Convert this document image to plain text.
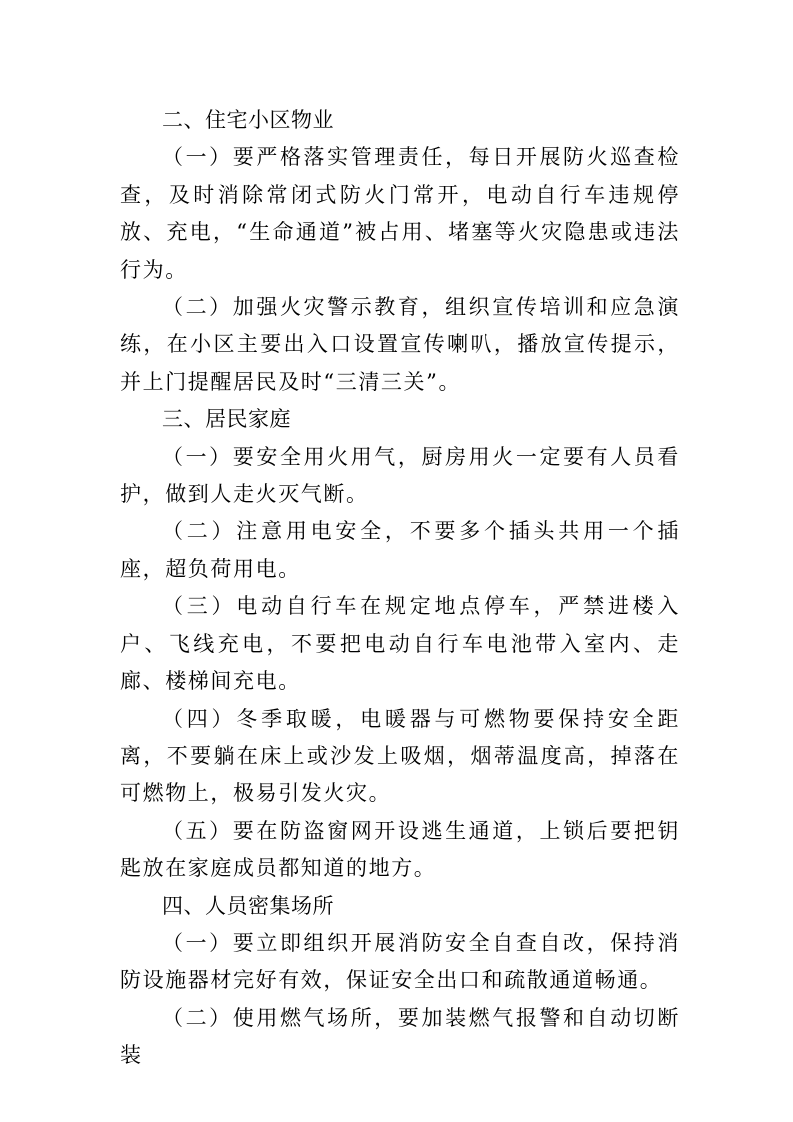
二、住宅小区物业

（一）要严格落实管理责任，每日开展防火巡查检查，及时消除常闭式防火门常开，电动自行车违规停放、充电，“生命通道”被占用、堵塞等火灾隐患或违法行为。

（二）加强火灾警示教育，组织宣传培训和应急演练，在小区主要出入口设置宣传喇叭，播放宣传提示，并上门提醒居民及时“三清三关”。

三、居民家庭

（一）要安全用火用气，厨房用火一定要有人员看护，做到人走火灭气断。

（二）注意用电安全，不要多个插头共用一个插座，超负荷用电。

（三）电动自行车在规定地点停车，严禁进楼入户、飞线充电，不要把电动自行车电池带入室内、走廊、楼梯间充电。

（四）冬季取暖，电暖器与可燃物要保持安全距离，不要躺在床上或沙发上吸烟，烟蒂温度高，掉落在可燃物上，极易引发火灾。

（五）要在防盗窗网开设逃生通道，上锁后要把钥匙放在家庭成员都知道的地方。

四、人员密集场所

（一）要立即组织开展消防安全自查自改，保持消防设施器材完好有效，保证安全出口和疏散通道畅通。

（二）使用燃气场所，要加装燃气报警和自动切断装
